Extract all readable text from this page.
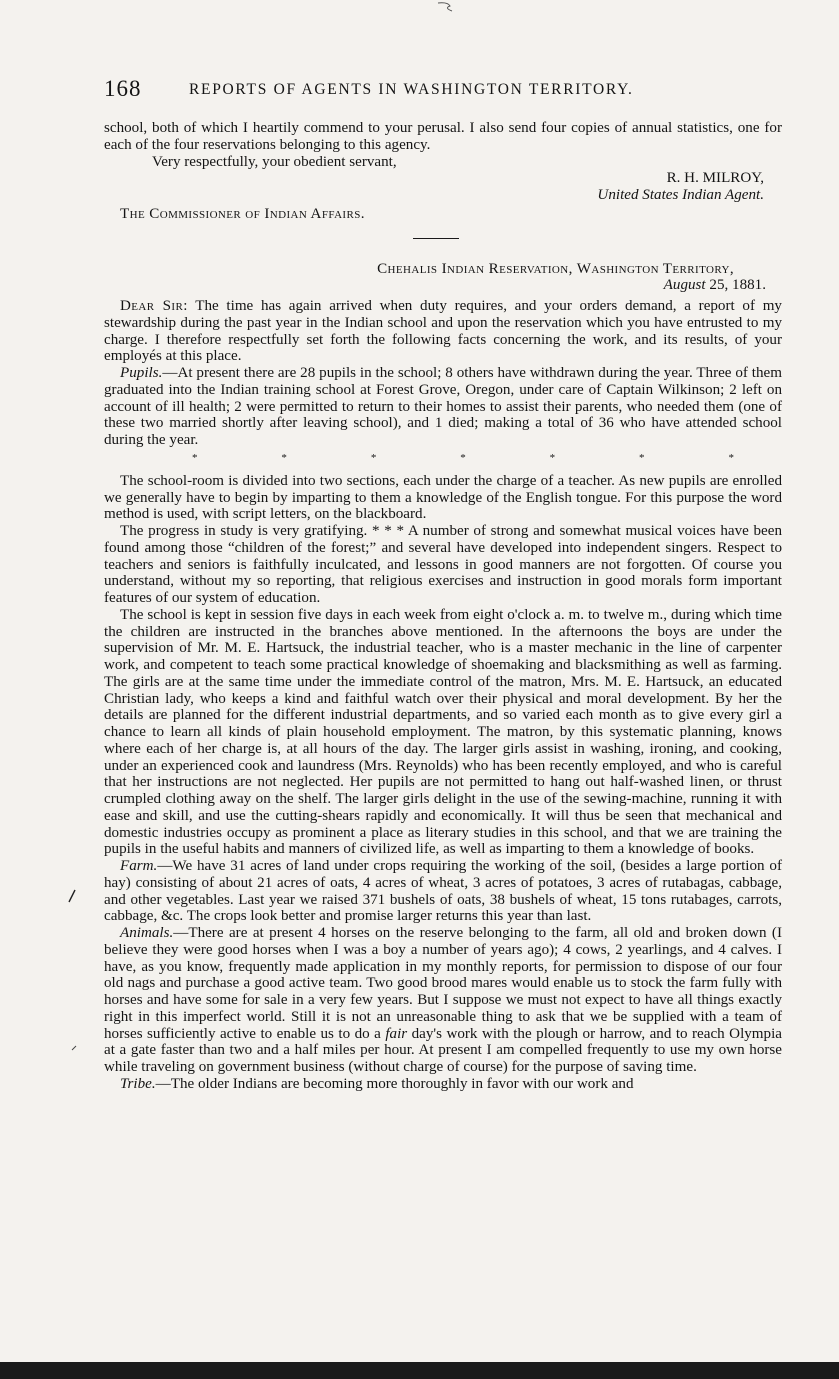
168	REPORTS OF AGENTS IN WASHINGTON TERRITORY.

school, both of which I heartily commend to your perusal. I also send four copies of annual statistics, one for each of the four reservations belonging to this agency.

Very respectfully, your obedient servant,

R. H. MILROY,
United States Indian Agent.
The Commissioner of Indian Affairs.
Chehalis Indian Reservation, Washington Territory,
August 25, 1881.

Dear Sir: The time has again arrived when duty requires, and your orders demand, a report of my stewardship during the past year in the Indian school and upon the reservation which you have entrusted to my charge. I therefore respectfully set forth the following facts concerning the work, and its results, of your employés at this place.

Pupils.—At present there are 28 pupils in the school; 8 others have withdrawn during the year. Three of them graduated into the Indian training school at Forest Grove, Oregon, under care of Captain Wilkinson; 2 left on account of ill health; 2 were permitted to return to their homes to assist their parents, who needed them (one of these two married shortly after leaving school), and 1 died; making a total of 36 who have attended school during the year.

*	*	*	*	*	*	*

The school-room is divided into two sections, each under the charge of a teacher. As new pupils are enrolled we generally have to begin by imparting to them a knowledge of the English tongue. For this purpose the word method is used, with script letters, on the blackboard.

The progress in study is very gratifying. * * * A number of strong and somewhat musical voices have been found among those “children of the forest;” and several have developed into independent singers. Respect to teachers and seniors is faithfully inculcated, and lessons in good manners are not forgotten. Of course you understand, without my so reporting, that religious exercises and instruction in good morals form important features of our system of education.

The school is kept in session five days in each week from eight o'clock a. m. to twelve m., during which time the children are instructed in the branches above mentioned. In the afternoons the boys are under the supervision of Mr. M. E. Hartsuck, the industrial teacher, who is a master mechanic in the line of carpenter work, and competent to teach some practical knowledge of shoemaking and blacksmithing as well as farming. The girls are at the same time under the immediate control of the matron, Mrs. M. E. Hartsuck, an educated Christian lady, who keeps a kind and faithful watch over their physical and moral development. By her the details are planned for the different industrial departments, and so varied each month as to give every girl a chance to learn all kinds of plain household employment. The matron, by this systematic planning, knows where each of her charge is, at all hours of the day. The larger girls assist in washing, ironing, and cooking, under an experienced cook and laundress (Mrs. Reynolds) who has been recently employed, and who is careful that her instructions are not neglected. Her pupils are not permitted to hang out half-washed linen, or thrust crumpled clothing away on the shelf. The larger girls delight in the use of the sewing-machine, running it with ease and skill, and use the cutting-shears rapidly and economically. It will thus be seen that mechanical and domestic industries occupy as prominent a place as literary studies in this school, and that we are training the pupils in the useful habits and manners of civilized life, as well as imparting to them a knowledge of books.

Farm.—We have 31 acres of land under crops requiring the working of the soil, (besides a large portion of hay) consisting of about 21 acres of oats, 4 acres of wheat, 3 acres of potatoes, 3 acres of rutabagas, cabbage, and other vegetables. Last year we raised 371 bushels of oats, 38 bushels of wheat, 15 tons rutabages, carrots, cabbage, &c. The crops look better and promise larger returns this year than last.

Animals.—There are at present 4 horses on the reserve belonging to the farm, all old and broken down (I believe they were good horses when I was a boy a number of years ago); 4 cows, 2 yearlings, and 4 calves. I have, as you know, frequently made application in my monthly reports, for permission to dispose of our four old nags and purchase a good active team. Two good brood mares would enable us to stock the farm fully with horses and have some for sale in a very few years. But I suppose we must not expect to have all things exactly right in this imperfect world. Still it is not an unreasonable thing to ask that we be supplied with a team of horses sufficiently active to enable us to do a fair day's work with the plough or harrow, and to reach Olympia at a gate faster than two and a half miles per hour. At present I am compelled frequently to use my own horse while traveling on government business (without charge of course) for the purpose of saving time.

Tribe.—The older Indians are becoming more thoroughly in favor with our work and
